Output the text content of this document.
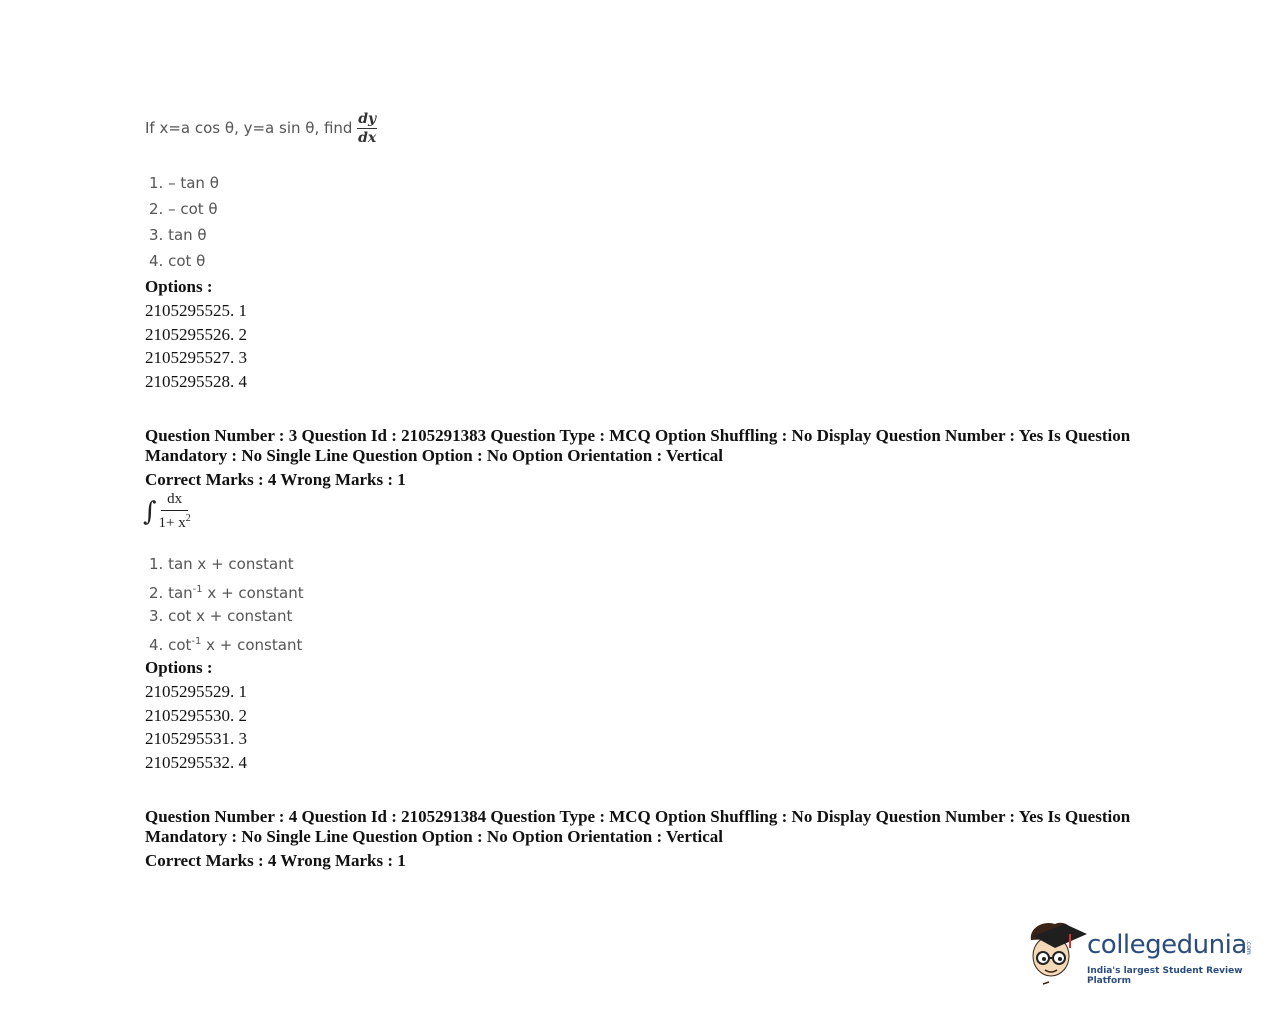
If x=a cos θ, y=a sin θ, find $\frac{dy}{dx}$
1. – tan θ
2. – cot θ
3. tan θ
4. cot θ
Options :
2105295525. 1
2105295526. 2
2105295527. 3
2105295528. 4
Question Number : 3 Question Id : 2105291383 Question Type : MCQ Option Shuffling : No Display Question Number : Yes Is Question Mandatory : No Single Line Question Option : No Option Orientation : Vertical
Correct Marks : 4 Wrong Marks : 1
∫ $\frac{dx}{1+ x^2}$
1. tan x + constant
2. $\tan^{-1} x$ + constant
3. cot x + constant
4. $\cot^{-1} x$ + constant
Options :
2105295529. 1
2105295530. 2
2105295531. 3
2105295532. 4
Question Number : 4 Question Id : 2105291384 Question Type : MCQ Option Shuffling : No Display Question Number : Yes Is Question Mandatory : No Single Line Question Option : No Option Orientation : Vertical
Correct Marks : 4 Wrong Marks : 1
collegedunia
.com
India's largest Student Review Platform
